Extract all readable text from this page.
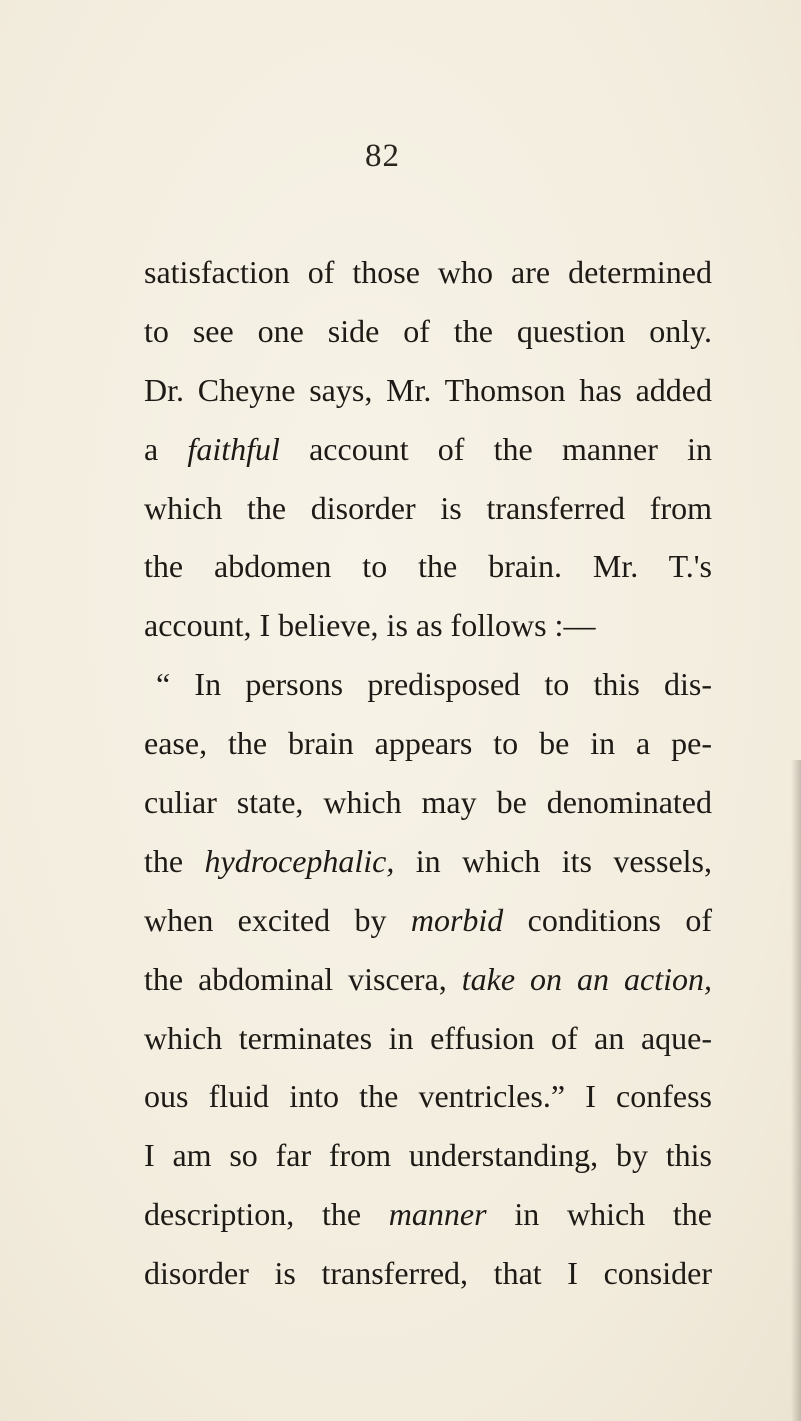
82
satisfaction of those who are determined
to see one side of the question only.
Dr. Cheyne says, Mr. Thomson has added
a faithful account of the manner in
which the disorder is transferred from
the abdomen to the brain. Mr. T.'s
account, I believe, is as follows :—
“ In persons predisposed to this dis-
ease, the brain appears to be in a pe-
culiar state, which may be denominated
the hydrocephalic, in which its vessels,
when excited by morbid conditions of
the abdominal viscera, take on an action,
which terminates in effusion of an aque-
ous fluid into the ventricles.” I confess
I am so far from understanding, by this
description, the manner in which the
disorder is transferred, that I consider
